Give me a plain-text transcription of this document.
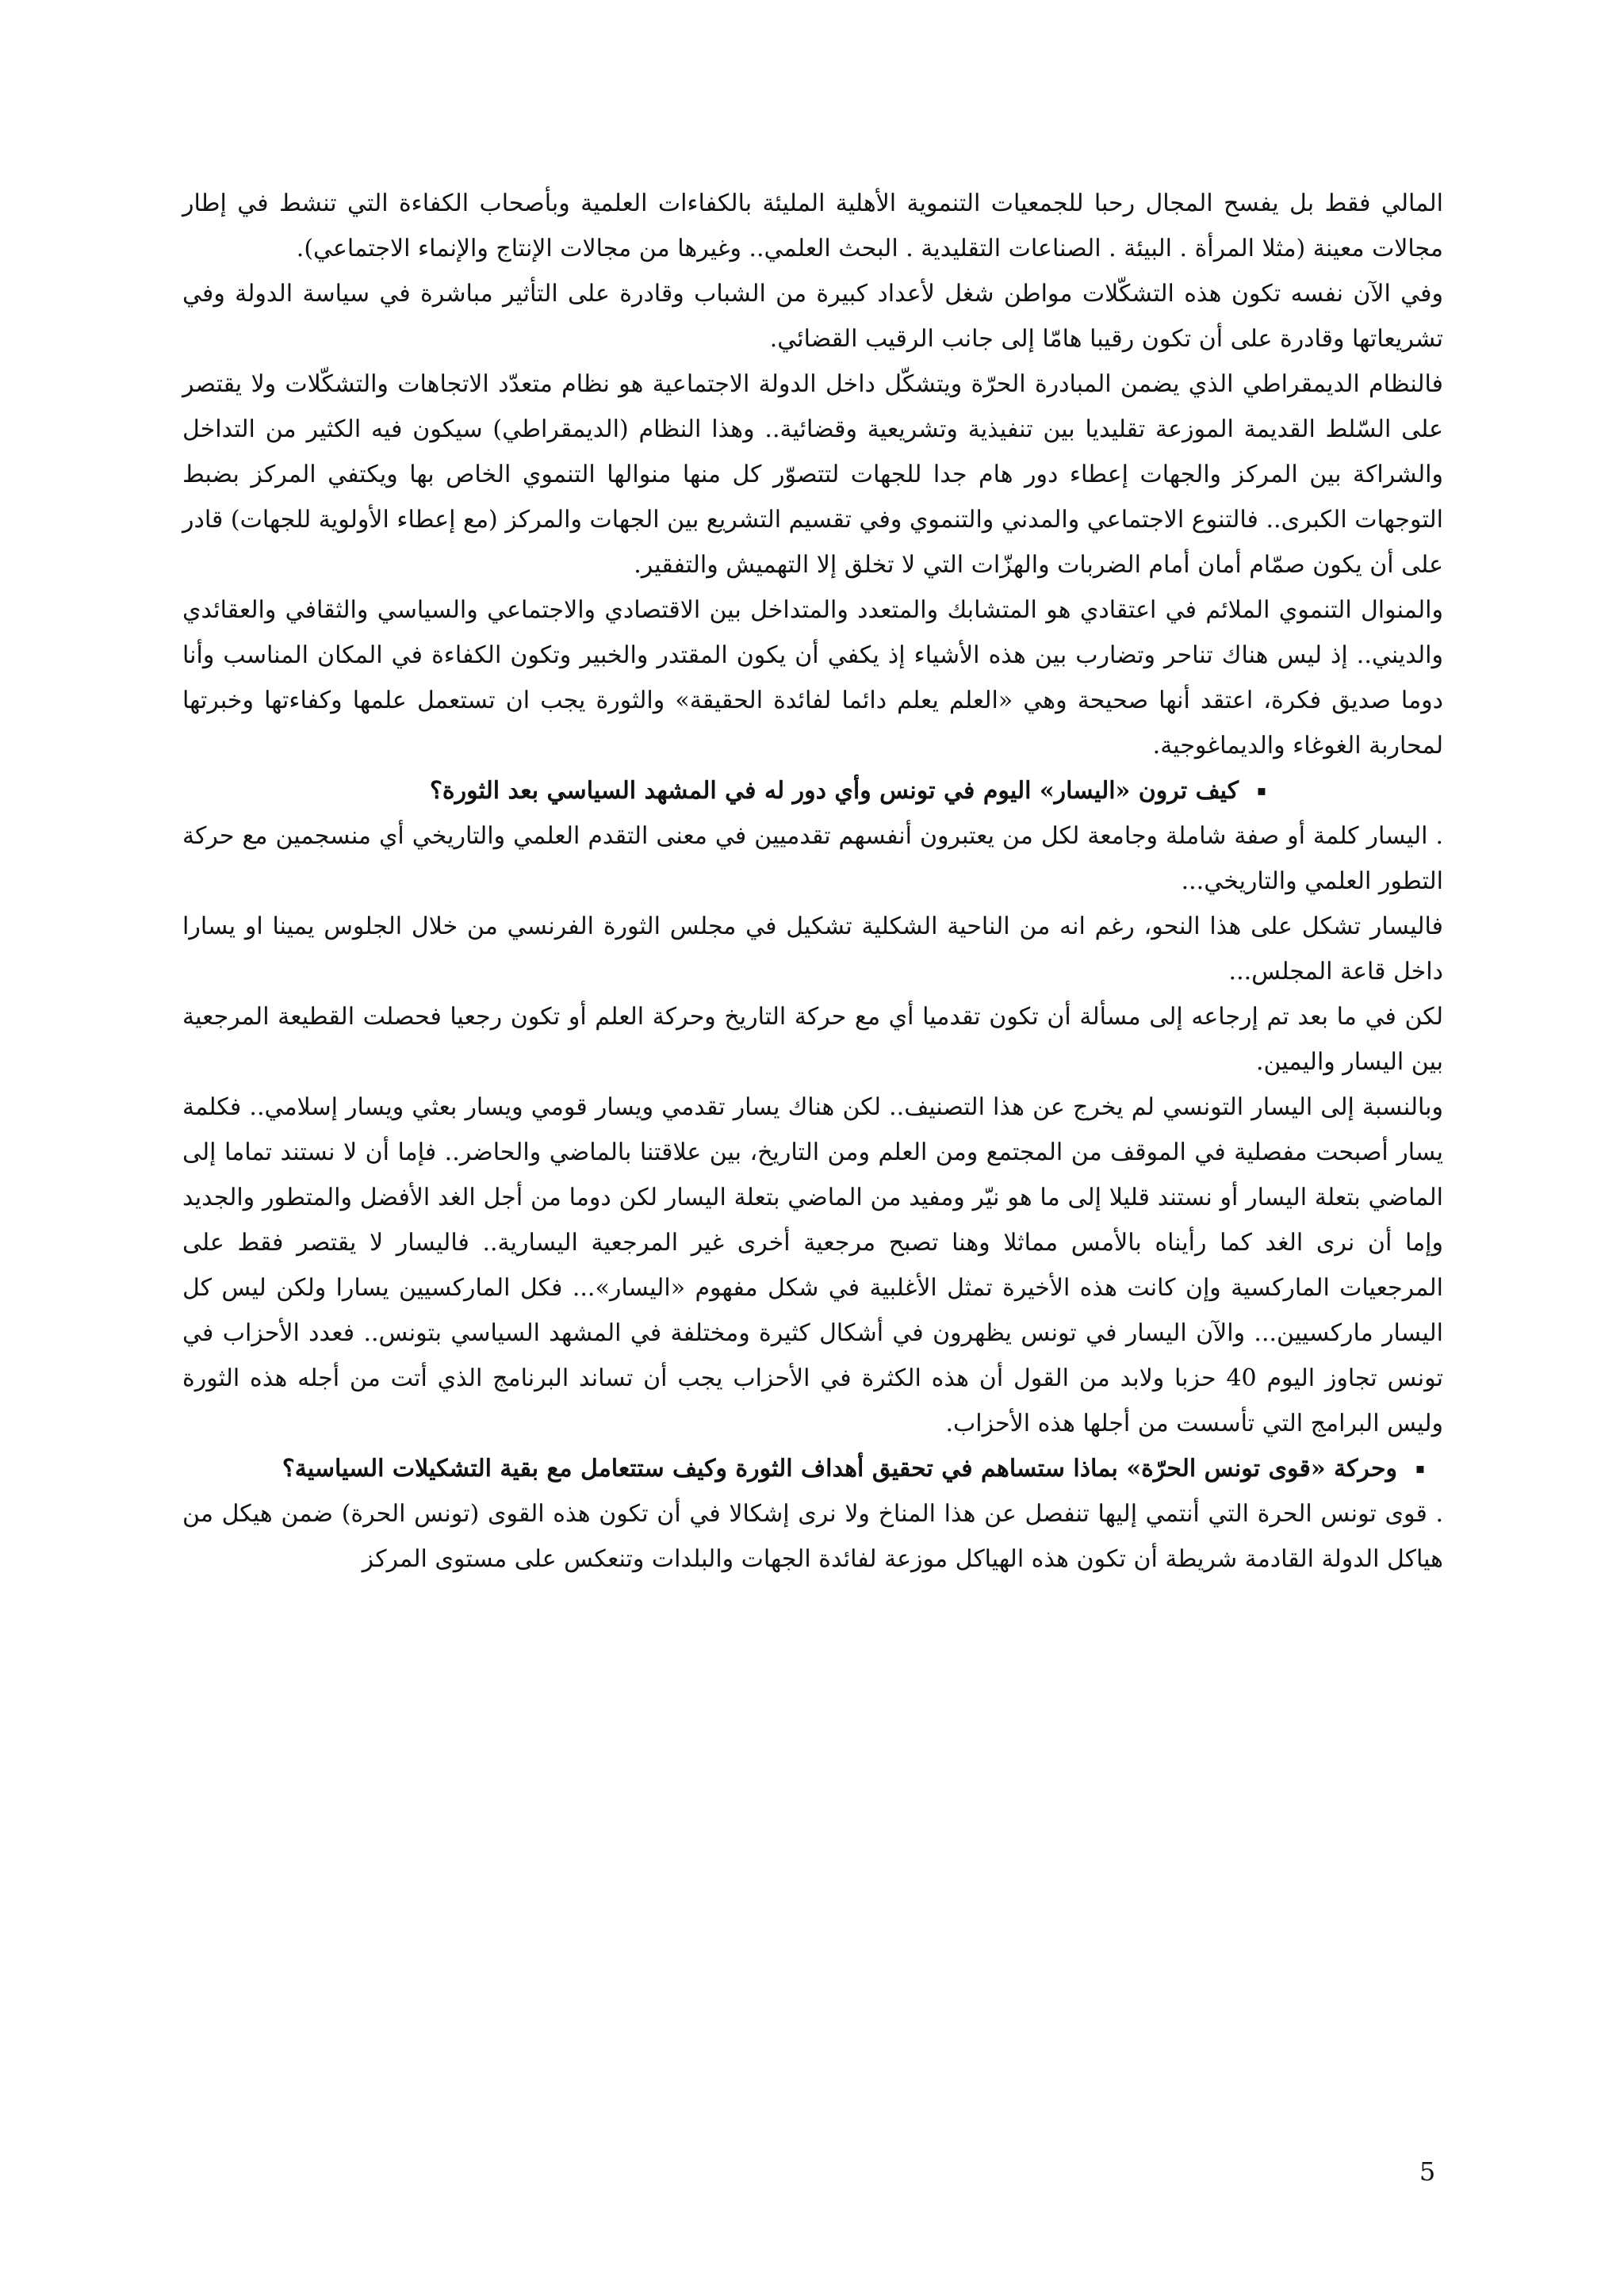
المالي فقط بل يفسح المجال رحبا للجمعيات التنموية الأهلية المليئة بالكفاءات العلمية وبأصحاب الكفاءة التي تنشط في إطار مجالات معينة (مثلا المرأة . البيئة . الصناعات التقليدية . البحث العلمي.. وغيرها من مجالات الإنتاج والإنماء الاجتماعي).

وفي الآن نفسه تكون هذه التشكّلات مواطن شغل لأعداد كبيرة من الشباب وقادرة على التأثير مباشرة في سياسة الدولة وفي تشريعاتها وقادرة على أن تكون رقيبا هامّا إلى جانب الرقيب القضائي.

فالنظام الديمقراطي الذي يضمن المبادرة الحرّة ويتشكّل داخل الدولة الاجتماعية هو نظام متعدّد الاتجاهات والتشكّلات ولا يقتصر على السّلط القديمة الموزعة تقليديا بين تنفيذية وتشريعية وقضائية.. وهذا النظام (الديمقراطي) سيكون فيه الكثير من التداخل والشراكة بين المركز والجهات إعطاء دور هام جدا للجهات لتتصوّر كل منها منوالها التنموي الخاص بها ويكتفي المركز بضبط التوجهات الكبرى.. فالتنوع الاجتماعي والمدني والتنموي وفي تقسيم التشريع بين الجهات والمركز (مع إعطاء الأولوية للجهات) قادر على أن يكون صمّام أمان أمام الضربات والهزّات التي لا تخلق إلا التهميش والتفقير.

والمنوال التنموي الملائم في اعتقادي هو المتشابك والمتعدد والمتداخل بين الاقتصادي والاجتماعي والسياسي والثقافي والعقائدي والديني.. إذ ليس هناك تناحر وتضارب بين هذه الأشياء إذ يكفي أن يكون المقتدر والخبير وتكون الكفاءة في المكان المناسب وأنا دوما صديق فكرة، اعتقد أنها صحيحة وهي «العلم يعلم دائما لفائدة الحقيقة» والثورة يجب ان تستعمل علمها وكفاءتها وخبرتها لمحاربة الغوغاء والديماغوجية.

▪
كيف ترون «اليسار» اليوم في تونس وأي دور له في المشهد السياسي بعد الثورة؟

. اليسار كلمة أو صفة شاملة وجامعة لكل من يعتبرون أنفسهم تقدميين في معنى التقدم العلمي والتاريخي أي منسجمين مع حركة التطور العلمي والتاريخي...

فاليسار تشكل على هذا النحو، رغم انه من الناحية الشكلية تشكيل في مجلس الثورة الفرنسي من خلال الجلوس يمينا او يسارا داخل قاعة المجلس...

لكن في ما بعد تم إرجاعه إلى مسألة أن تكون تقدميا أي مع حركة التاريخ وحركة العلم أو تكون رجعيا فحصلت القطيعة المرجعية بين اليسار واليمين.

وبالنسبة إلى اليسار التونسي لم يخرج عن هذا التصنيف.. لكن هناك يسار تقدمي ويسار قومي ويسار بعثي ويسار إسلامي.. فكلمة يسار أصبحت مفصلية في الموقف من المجتمع ومن العلم ومن التاريخ، بين علاقتنا بالماضي والحاضر.. فإما أن لا نستند تماما إلى الماضي بتعلة اليسار أو نستند قليلا إلى ما هو نيّر ومفيد من الماضي بتعلة اليسار لكن دوما من أجل الغد الأفضل والمتطور والجديد وإما أن نرى الغد كما رأيناه بالأمس مماثلا وهنا تصبح مرجعية أخرى غير المرجعية اليسارية.. فاليسار لا يقتصر فقط على المرجعيات الماركسية وإن كانت هذه الأخيرة تمثل الأغلبية في شكل مفهوم «اليسار»... فكل الماركسيين يسارا ولكن ليس كل اليسار ماركسيين... والآن اليسار في تونس يظهرون في أشكال كثيرة ومختلفة في المشهد السياسي بتونس.. فعدد الأحزاب في تونس تجاوز اليوم 40 حزبا ولابد من القول أن هذه الكثرة في الأحزاب يجب أن تساند البرنامج الذي أتت من أجله هذه الثورة وليس البرامج التي تأسست من أجلها هذه الأحزاب.

▪
وحركة «قوى تونس الحرّة» بماذا ستساهم في تحقيق أهداف الثورة وكيف ستتعامل مع بقية التشكيلات السياسية؟

. قوى تونس الحرة التي أنتمي إليها تنفصل عن هذا المناخ ولا نرى إشكالا في أن تكون هذه القوى (تونس الحرة) ضمن هيكل من هياكل الدولة القادمة شريطة أن تكون هذه الهياكل موزعة لفائدة الجهات والبلدات وتنعكس على مستوى المركز

5
